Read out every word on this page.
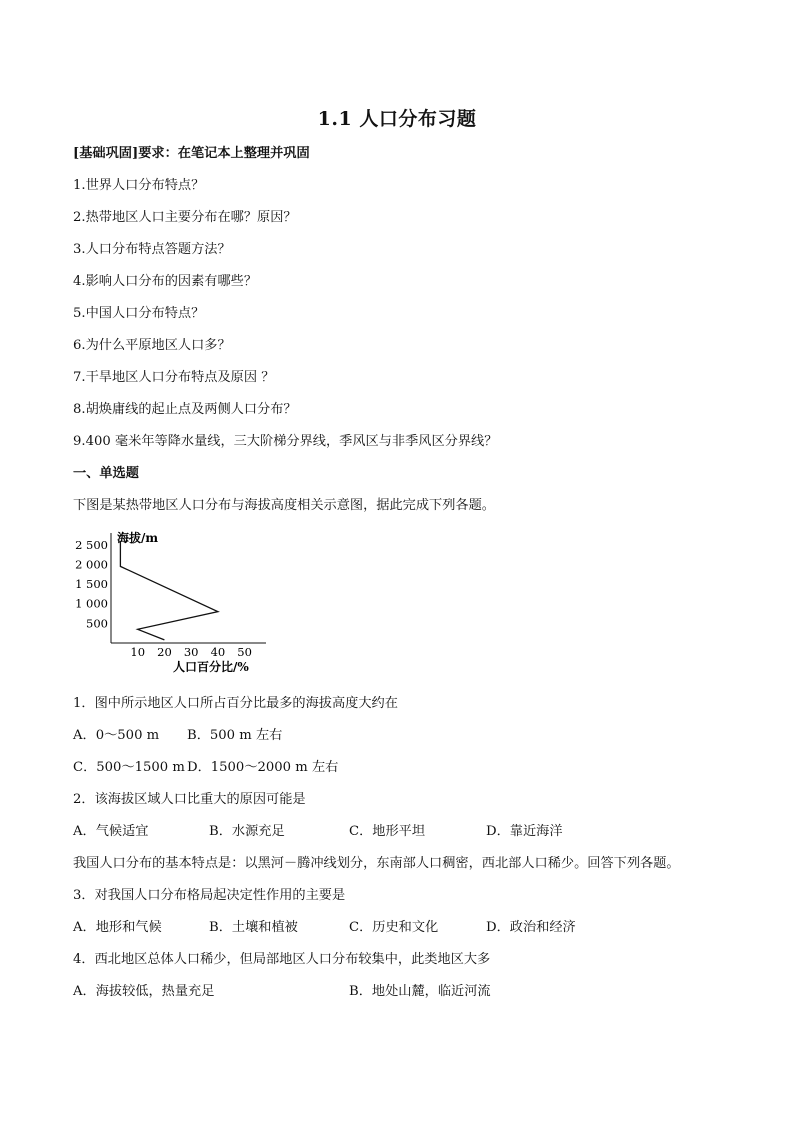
1.1 人口分布习题
[基础巩固]要求：在笔记本上整理并巩固
1.世界人口分布特点？
2.热带地区人口主要分布在哪？原因？
3.人口分布特点答题方法？
4.影响人口分布的因素有哪些？
5.中国人口分布特点？
6.为什么平原地区人口多？
7.干旱地区人口分布特点及原因 ？
8.胡焕庸线的起止点及两侧人口分布？
9.400 毫米年等降水量线，三大阶梯分界线，季风区与非季风区分界线？
一、单选题
下图是某热带地区人口分布与海拔高度相关示意图，据此完成下列各题。
500
1 000
1 500
2 000
2 500
10 20 30 40 50
海拔/m
人口百分比/%
1．图中所示地区人口所占百分比最多的海拔高度大约在
A．0～500 m B．500 m 左右
C．500～1500 m D．1500～2000 m 左右
2．该海拔区域人口比重大的原因可能是
A．气候适宜	B．水源充足	C．地形平坦	D．靠近海洋
我国人口分布的基本特点是：以黑河－腾冲线划分，东南部人口稠密，西北部人口稀少。回答下列各题。
3．对我国人口分布格局起决定性作用的主要是
A．地形和气候	B．土壤和植被	C．历史和文化	D．政治和经济
4．西北地区总体人口稀少，但局部地区人口分布较集中，此类地区大多
A．海拔较低，热量充足	B．地处山麓，临近河流
